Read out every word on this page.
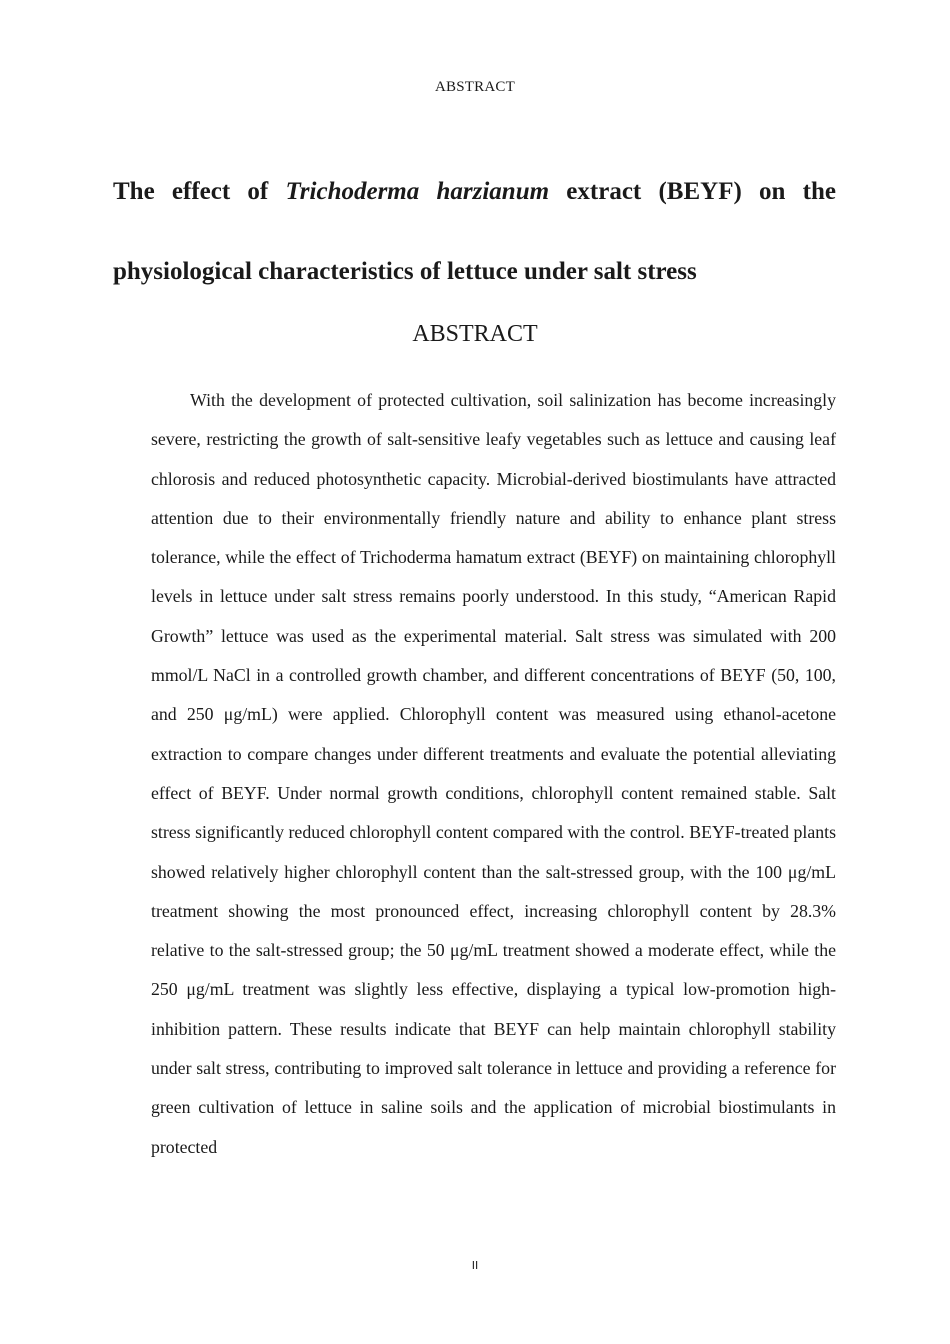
ABSTRACT
The effect of Trichoderma harzianum extract (BEYF) on the physiological characteristics of lettuce under salt stress
ABSTRACT

With the development of protected cultivation, soil salinization has become increasingly severe, restricting the growth of salt-sensitive leafy vegetables such as lettuce and causing leaf chlorosis and reduced photosynthetic capacity. Microbial-derived biostimulants have attracted attention due to their environmentally friendly nature and ability to enhance plant stress tolerance, while the effect of Trichoderma hamatum extract (BEYF) on maintaining chlorophyll levels in lettuce under salt stress remains poorly understood. In this study, “American Rapid Growth” lettuce was used as the experimental material. Salt stress was simulated with 200 mmol/L NaCl in a controlled growth chamber, and different concentrations of BEYF (50, 100, and 250 μg/mL) were applied. Chlorophyll content was measured using ethanol-acetone extraction to compare changes under different treatments and evaluate the potential alleviating effect of BEYF. Under normal growth conditions, chlorophyll content remained stable. Salt stress significantly reduced chlorophyll content compared with the control. BEYF-treated plants showed relatively higher chlorophyll content than the salt-stressed group, with the 100 μg/mL treatment showing the most pronounced effect, increasing chlorophyll content by 28.3% relative to the salt-stressed group; the 50 μg/mL treatment showed a moderate effect, while the 250 μg/mL treatment was slightly less effective, displaying a typical low-promotion high-inhibition pattern. These results indicate that BEYF can help maintain chlorophyll stability under salt stress, contributing to improved salt tolerance in lettuce and providing a reference for green cultivation of lettuce in saline soils and the application of microbial biostimulants in protected

II
